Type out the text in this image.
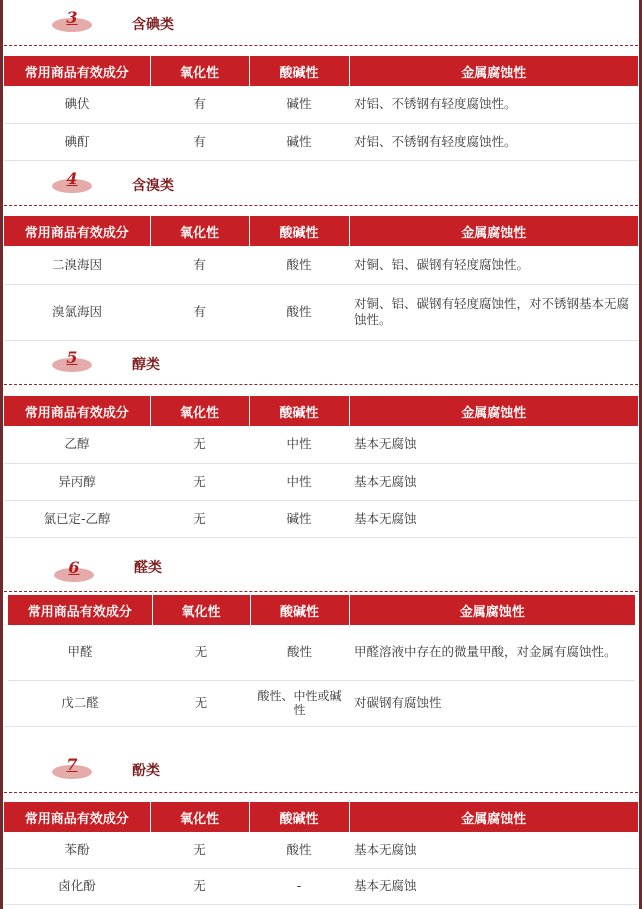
3	含碘类
常用商品有效成分	氧化性	酸碱性	金属腐蚀性
碘伏	有	碱性	对铝、不锈钢有轻度腐蚀性。
碘酊	有	碱性	对铝、不锈钢有轻度腐蚀性。
4	含溴类
常用商品有效成分	氧化性	酸碱性	金属腐蚀性
二溴海因	有	酸性	对铜、铝、碳钢有轻度腐蚀性。
溴氯海因	有	酸性	对铜、铝、碳钢有轻度腐蚀性，对不锈钢基本无腐蚀性。
5	醇类
常用商品有效成分	氧化性	酸碱性	金属腐蚀性
乙醇	无	中性	基本无腐蚀
异丙醇	无	中性	基本无腐蚀
氯已定-乙醇	无	碱性	基本无腐蚀
6	醛类
常用商品有效成分	氧化性	酸碱性	金属腐蚀性
甲醛	无	酸性	甲醛溶液中存在的微量甲酸，对金属有腐蚀性。
戊二醛	无	酸性、中性或碱性	对碳钢有腐蚀性
7	酚类
常用商品有效成分	氧化性	酸碱性	金属腐蚀性
苯酚	无	酸性	基本无腐蚀
卤化酚	无	-	基本无腐蚀
